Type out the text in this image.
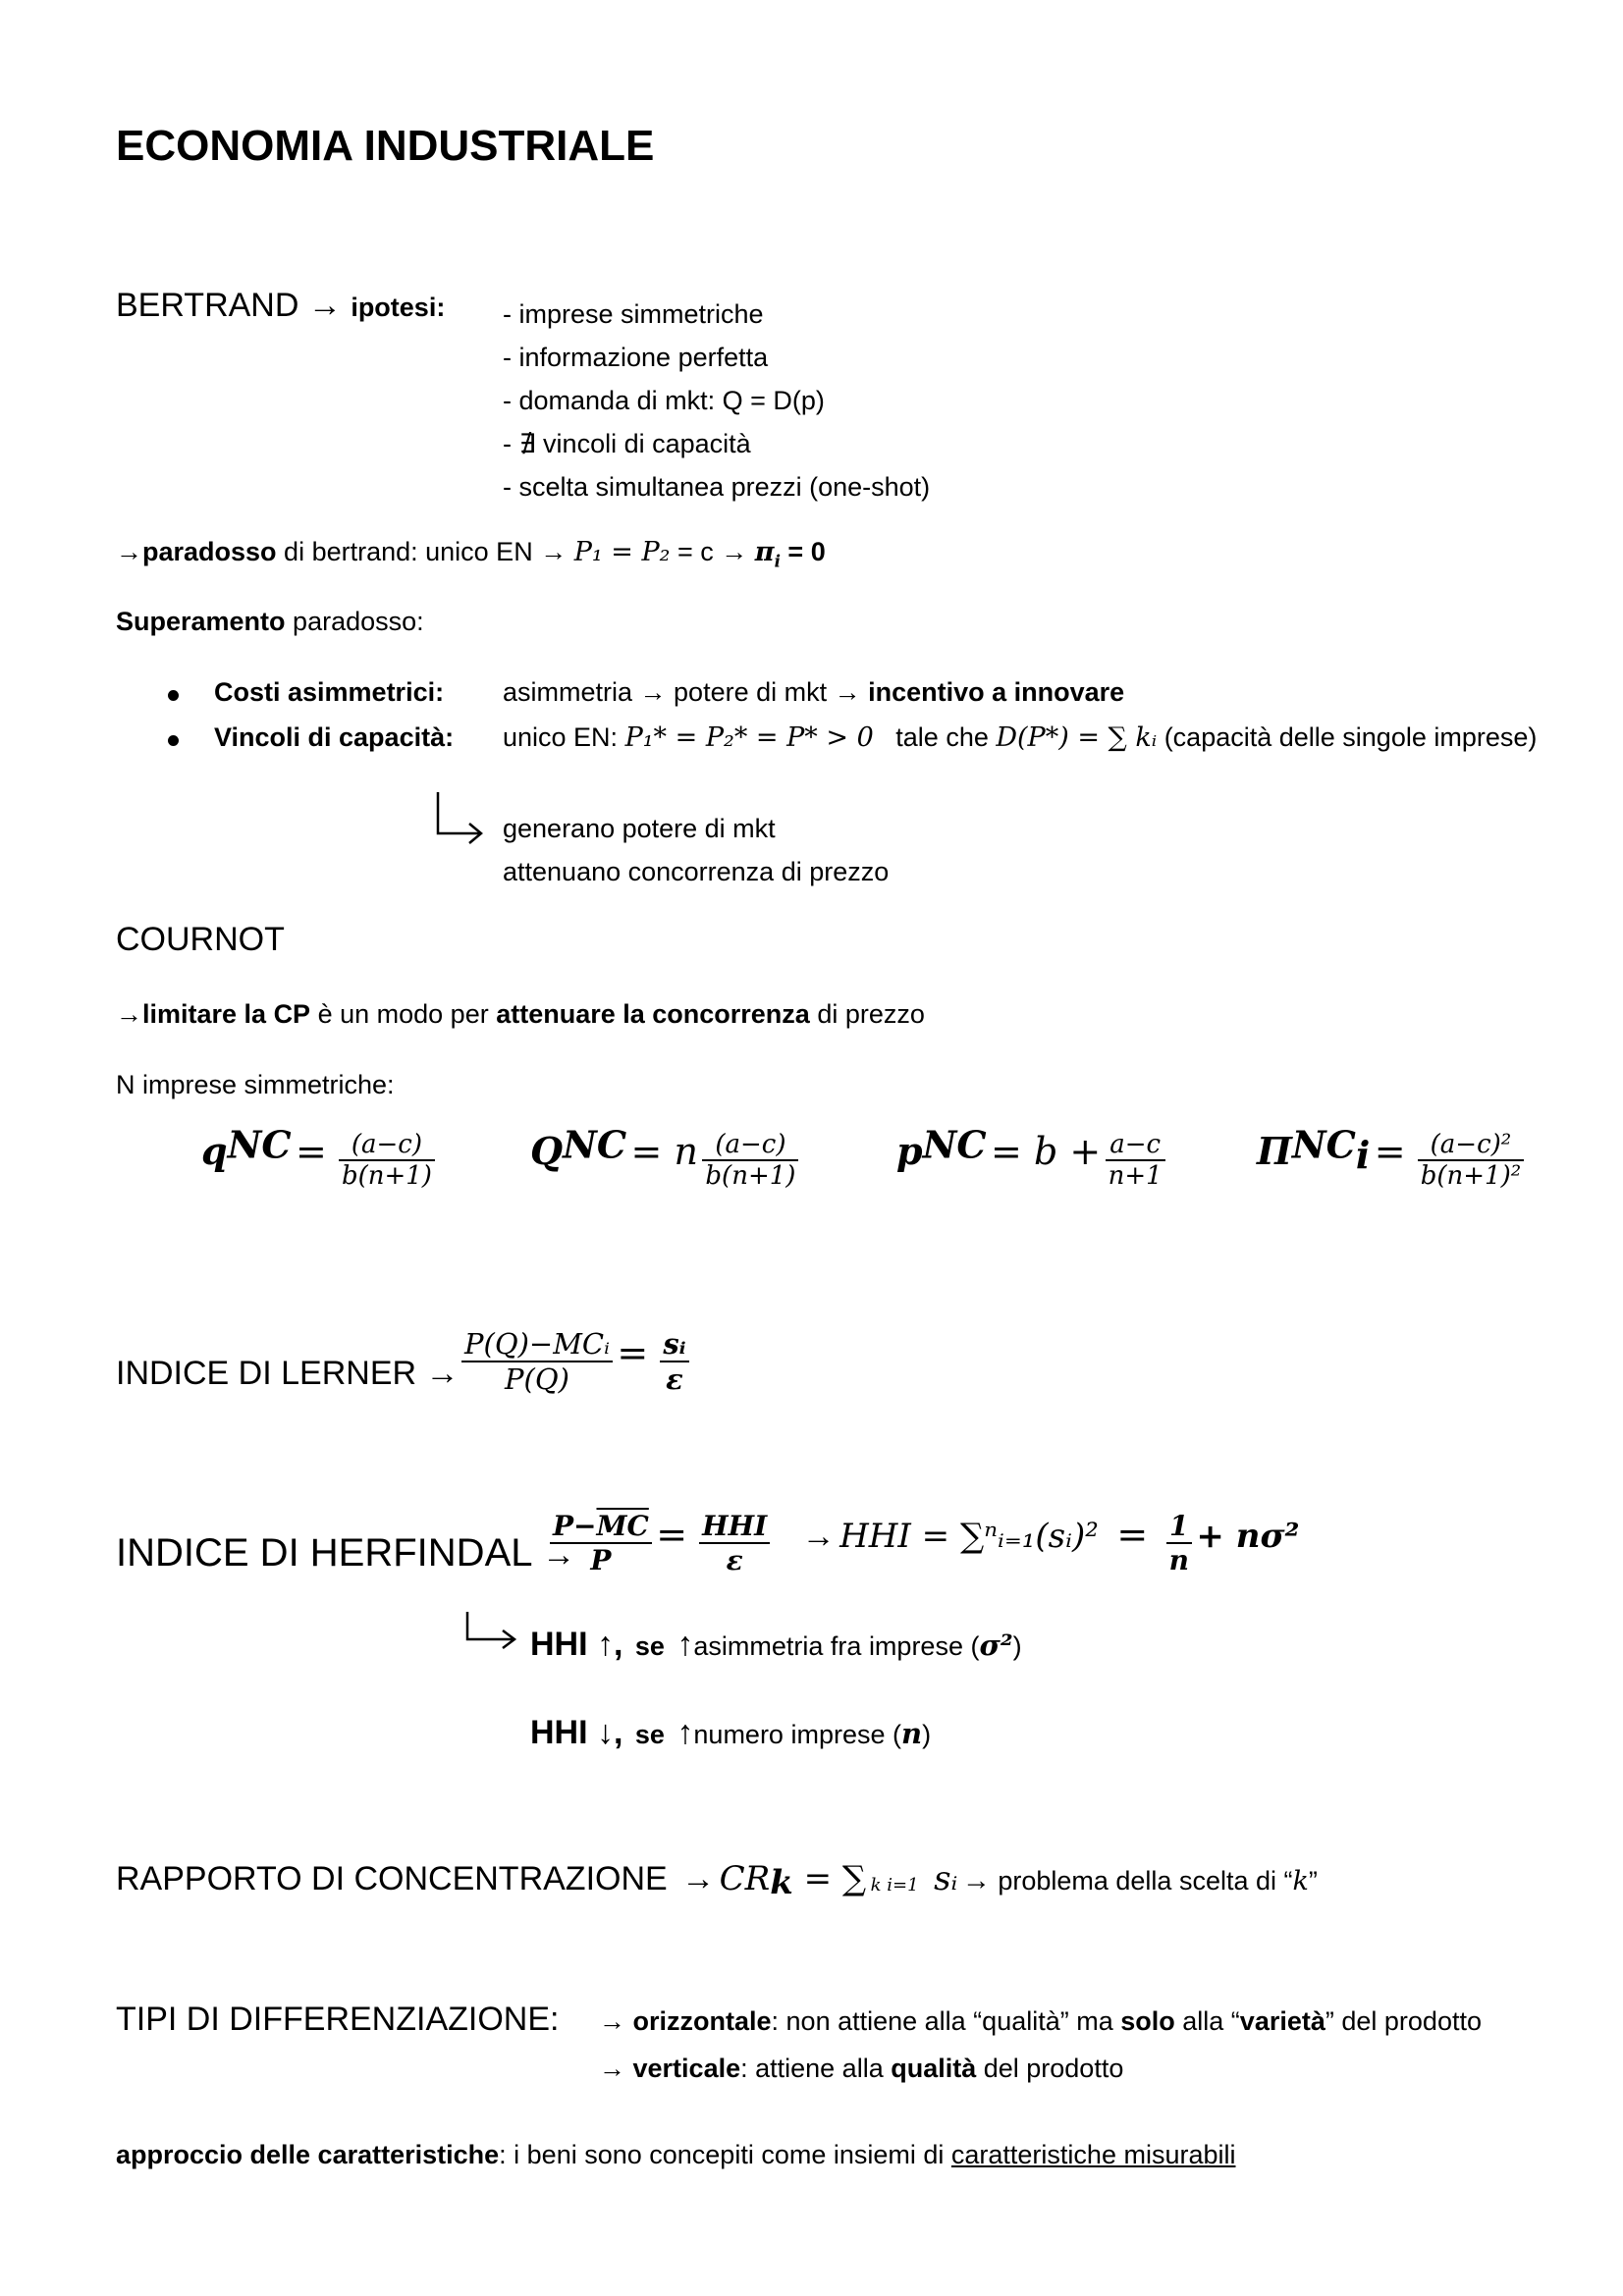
ECONOMIA INDUSTRIALE
BERTRAND → ipotesi: - imprese simmetriche
- informazione perfetta
- domanda di mkt: Q = D(p)
- ∄ vincoli di capacità
- scelta simultanea prezzi (one-shot)
→paradosso di bertrand: unico EN → $P_1 = P_2 = c \to \pi_i = 0$
Superamento paradosso:
Costi asimmetrici: asimmetria → potere di mkt → incentivo a innovare
Vincoli di capacità: unico EN: P₁* = P₂* = P* > 0 tale che D(P*) = ∑ kᵢ (capacità delle singole imprese)
generano potere di mkt
attenuano concorrenza di prezzo
COURNOT
→limitare la CP è un modo per attenuare la concorrenza di prezzo
N imprese simmetriche:
$q^{NC} = \frac{(a-c)}{b(n+1)}$	$Q^{NC} = n \frac{(a-c)}{b(n+1)}$	$p^{NC} = b + \frac{a-c}{n+1} \Pi^{NC}_i = \frac{\text{(a−c)²}}{\text{b(n+1)²}}$
INDICE DI LERNER → $\frac{\text{P(Q)−MCᵢ}}{P(Q)} = \frac{\text{sᵢ}}{\varepsilon}$
INDICE DI HERFINDAL →
$\frac{P-\overline{MC}}{P} = \frac{\text{HHI}}{\varepsilon}$ → HHI = ∑ⁿᵢ₌₁(sᵢ)² = $\frac{1}{n} + n\sigma^2$
HHI ↑, se ↑asimmetria fra imprese (σ²)
HHI ↓, se ↑numero imprese (n)
RAPPORTO DI CONCENTRAZIONE → $CR_k$ = ∑ k i=1 sᵢ → problema della scelta di “k”
TIPI DI DIFFERENZIAZIONE: → orizzontale: non attiene alla “qualità” ma solo alla “varietà” del prodotto
→ verticale: attiene alla qualità del prodotto
approccio delle caratteristiche: i beni sono concepiti come insiemi di caratteristiche misurabili
